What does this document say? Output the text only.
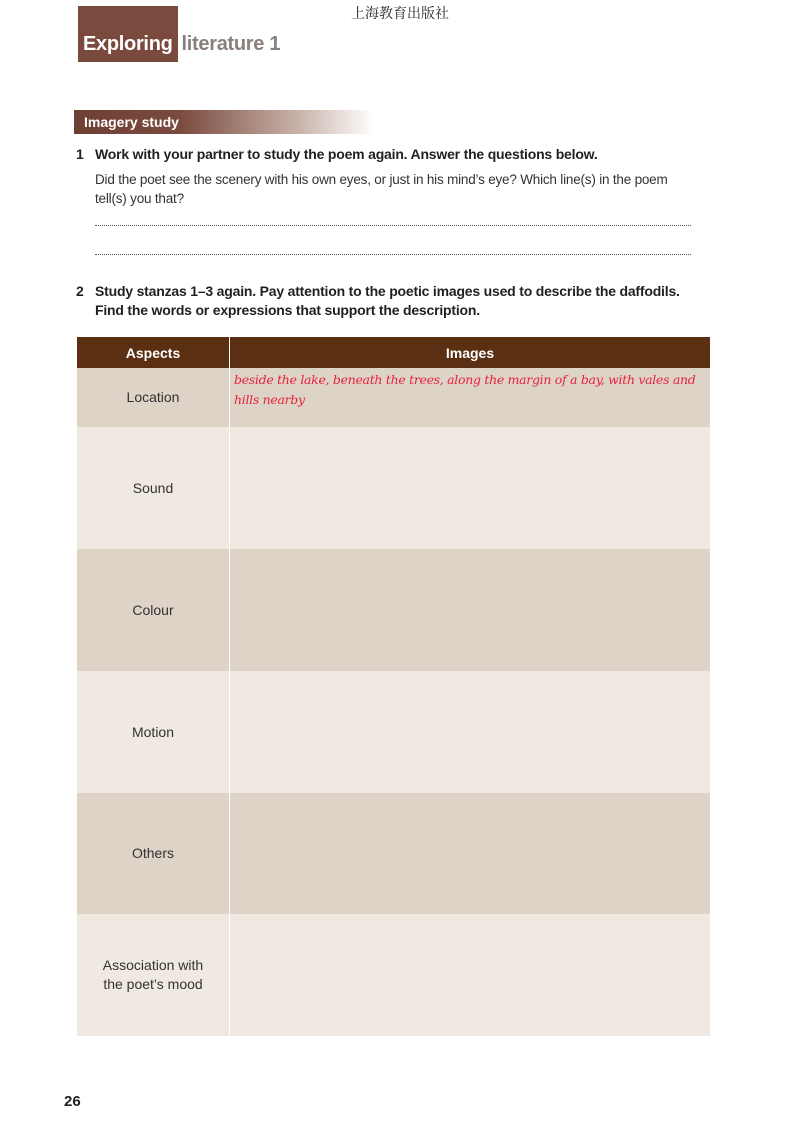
上海教育出版社
Exploring literature 1
Imagery study
1 Work with your partner to study the poem again. Answer the questions below.
Did the poet see the scenery with his own eyes, or just in his mind’s eye? Which line(s) in the poem tell(s) you that?
2 Study stanzas 1–3 again. Pay attention to the poetic images used to describe the daffodils. Find the words or expressions that support the description.
Aspects	Images
Location	beside the lake, beneath the trees, along the margin of a bay, with vales and hills nearby

Sound	
Colour	
Motion	
Others	
Association with the poet’s mood	
26
